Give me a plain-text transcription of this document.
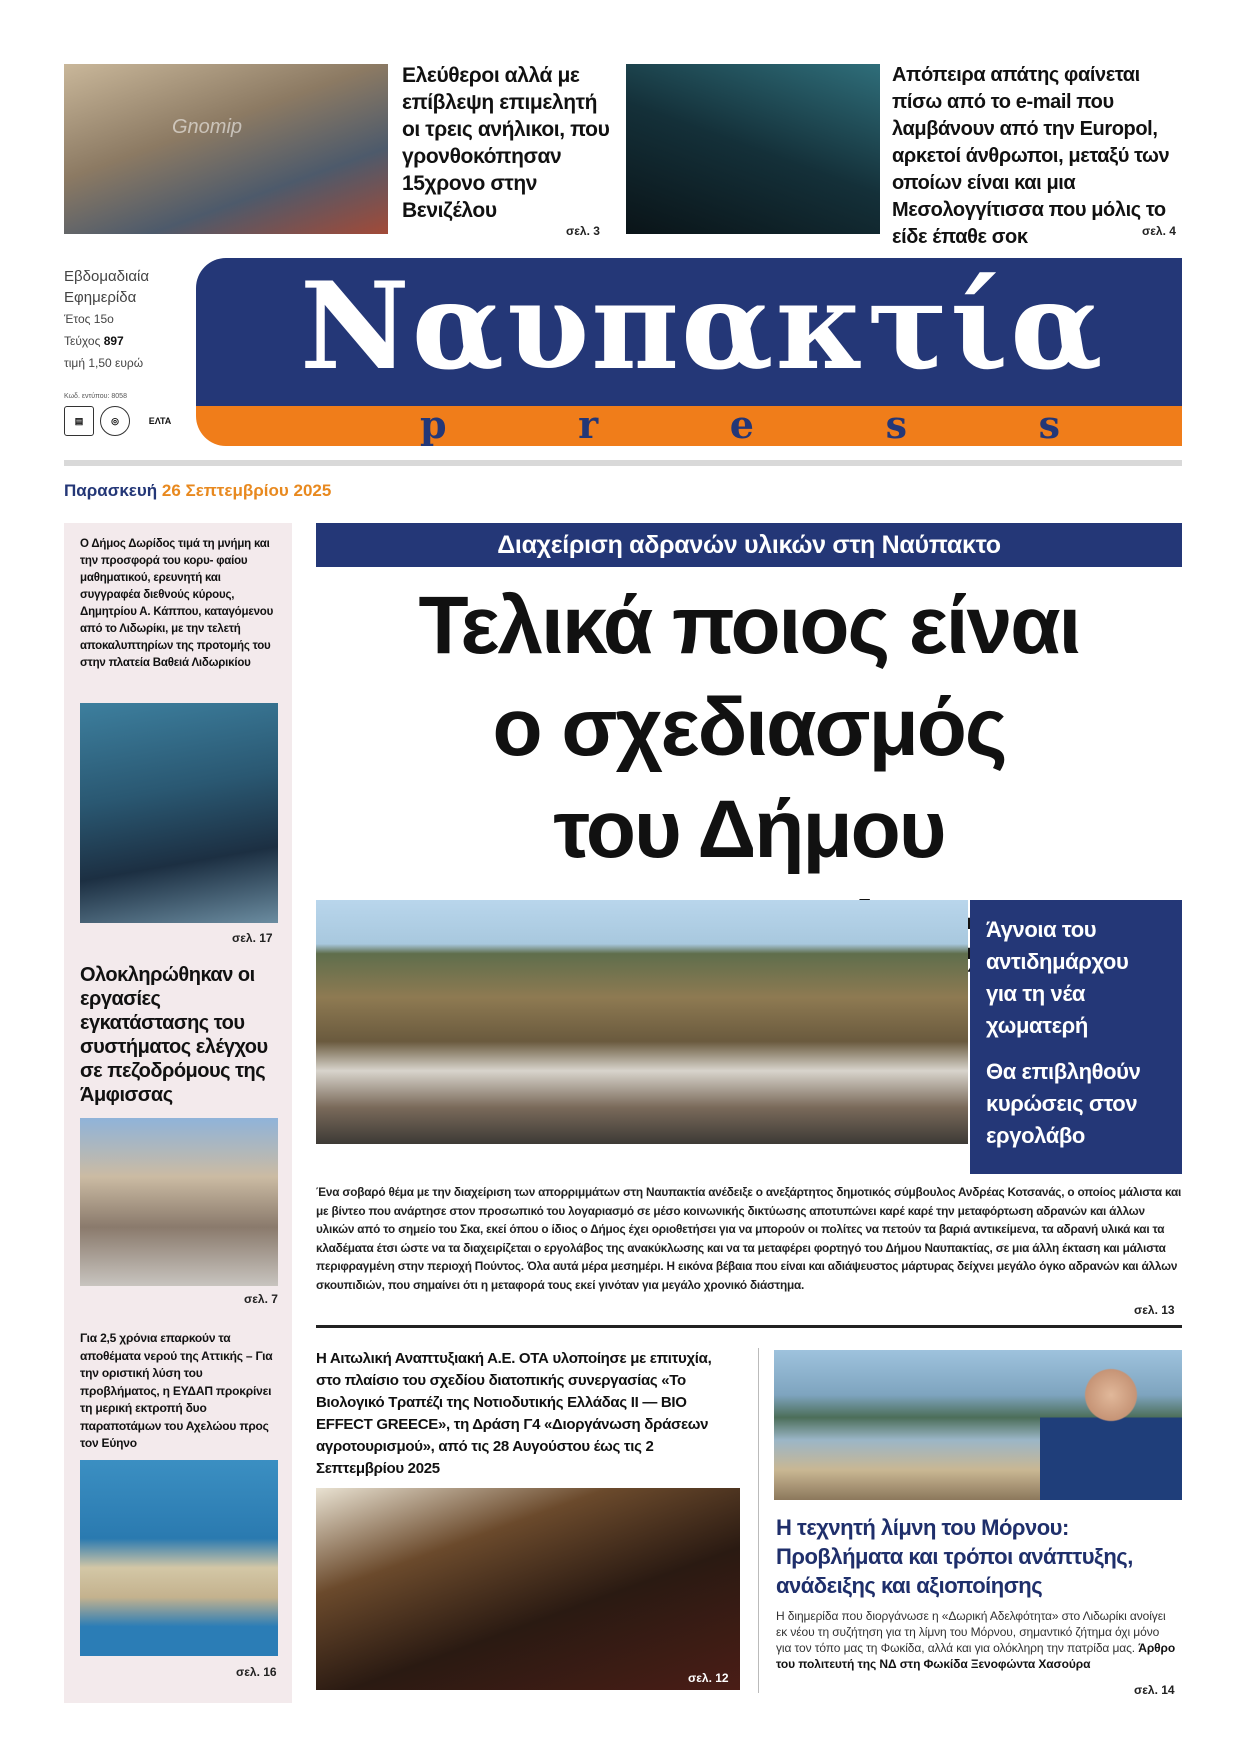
Gnomip
Ελεύθεροι αλλά με επίβλεψη επιμελητή οι τρεις ανήλικοι, που γρονθοκόπησαν 15χρονο στην Βενιζέλου
σελ. 3
Απόπειρα απάτης φαίνεται πίσω από το e-mail που λαμβάνουν από την Europol, αρκετοί άνθρωποι, μεταξύ των οποίων είναι και μια Μεσολογγίτισσα που μόλις το είδε έπαθε σοκ	σελ. 4
Εβδομαδιαία
Εφημερίδα
Έτος 15ο
Τεύχος 897
τιμή 1,50 ευρώ
Κωδ. εντύπου: 8058
▤	◎	ΕΛΤΑ
Ναυπακτία
p	r	e	s	s
Παρασκευή 26 Σεπτεμβρίου 2025
Ο Δήμος Δωρίδος τιμά τη μνήμη και την προσφορά του κορυ- φαίου μαθηματικού, ερευνητή και συγγραφέα διεθνούς κύρους, Δημητρίου Α. Κάππου, καταγόμενου από το Λιδωρίκι, με την τελετή αποκαλυπτηρίων της προτομής του στην πλατεία Βαθειά Λιδωρικίου
σελ. 17
Ολοκληρώθηκαν οι εργασίες εγκατάστασης του συστήματος ελέγχου σε πεζοδρόμους της Άμφισσας
σελ. 7
Για 2,5 χρόνια επαρκούν τα αποθέματα νερού της Αττικής – Για την οριστική λύση του προβλήματος, η ΕΥΔΑΠ προκρίνει τη μερική εκτροπή δυο παραποτάμων του Αχελώου προς τον Εύηνο
σελ. 16
Διαχείριση αδρανών υλικών στη Ναύπακτο
Τελικά ποιος είναι
ο σχεδιασμός
του Δήμου
Άγνοια του
αντιδημάρχου
για τη νέα
χωματερή
Θα επιβληθούν
κυρώσεις στον
εργολάβο
Ένα σοβαρό θέμα με την διαχείριση των απορριμμάτων στη Ναυπακτία ανέδειξε ο ανεξάρτητος δημοτικός σύμβουλος Ανδρέας Κοτσανάς, ο οποίος μάλιστα και με βίντεο που ανάρτησε στον προσωπικό του λογαριασμό σε μέσο κοινωνικής δικτύωσης αποτυπώνει καρέ καρέ την μεταφόρτωση αδρανών και άλλων υλικών από το σημείο του Σκα, εκεί όπου ο ίδιος ο Δήμος έχει οριοθετήσει για να μπορούν οι πολίτες να πετούν τα βαριά αντικείμενα, τα αδρανή υλικά και τα κλαδέματα έτσι ώστε να τα διαχειρίζεται ο εργολάβος της ανακύκλωσης και να τα μεταφέρει φορτηγό του Δήμου Ναυπακτίας, σε μια άλλη έκταση και μάλιστα περιφραγμένη στην περιοχή Πούντος. Όλα αυτά μέρα μεσημέρι. Η εικόνα βέβαια που είναι και αδιάψευστος μάρτυρας δείχνει μεγάλο όγκο αδρανών και άλλων σκουπιδιών, που σημαίνει ότι η μεταφορά τους εκεί γινόταν για μεγάλο χρονικό διάστημα.
σελ. 13
Η Αιτωλική Αναπτυξιακή Α.Ε. ΟΤΑ υλοποίησε με επιτυχία, στο πλαίσιο του σχεδίου διατοπικής συνεργασίας «Το Βιολογικό Τραπέζι της Νοτιοδυτικής Ελλάδας ΙΙ — BIO EFFECT GREECE», τη Δράση Γ4 «Διοργάνωση δράσεων αγροτουρισμού», από τις 28 Αυγούστου έως τις 2 Σεπτεμβρίου 2025
σελ. 12
Η τεχνητή λίμνη του Μόρνου: Προβλήματα και τρόποι ανάπτυξης, ανάδειξης και αξιοποίησης
Η διημερίδα που διοργάνωσε η «Δωρική Αδελφότητα» στο Λιδωρίκι ανοίγει εκ νέου τη συζήτηση για τη λίμνη του Μόρνου, σημαντικό ζήτημα όχι μόνο για τον τόπο μας τη Φωκίδα, αλλά και για ολόκληρη την πατρίδα μας. Άρθρο του πολιτευτή της ΝΔ στη Φωκίδα Ξενοφώντα Χασούρα
σελ. 14
